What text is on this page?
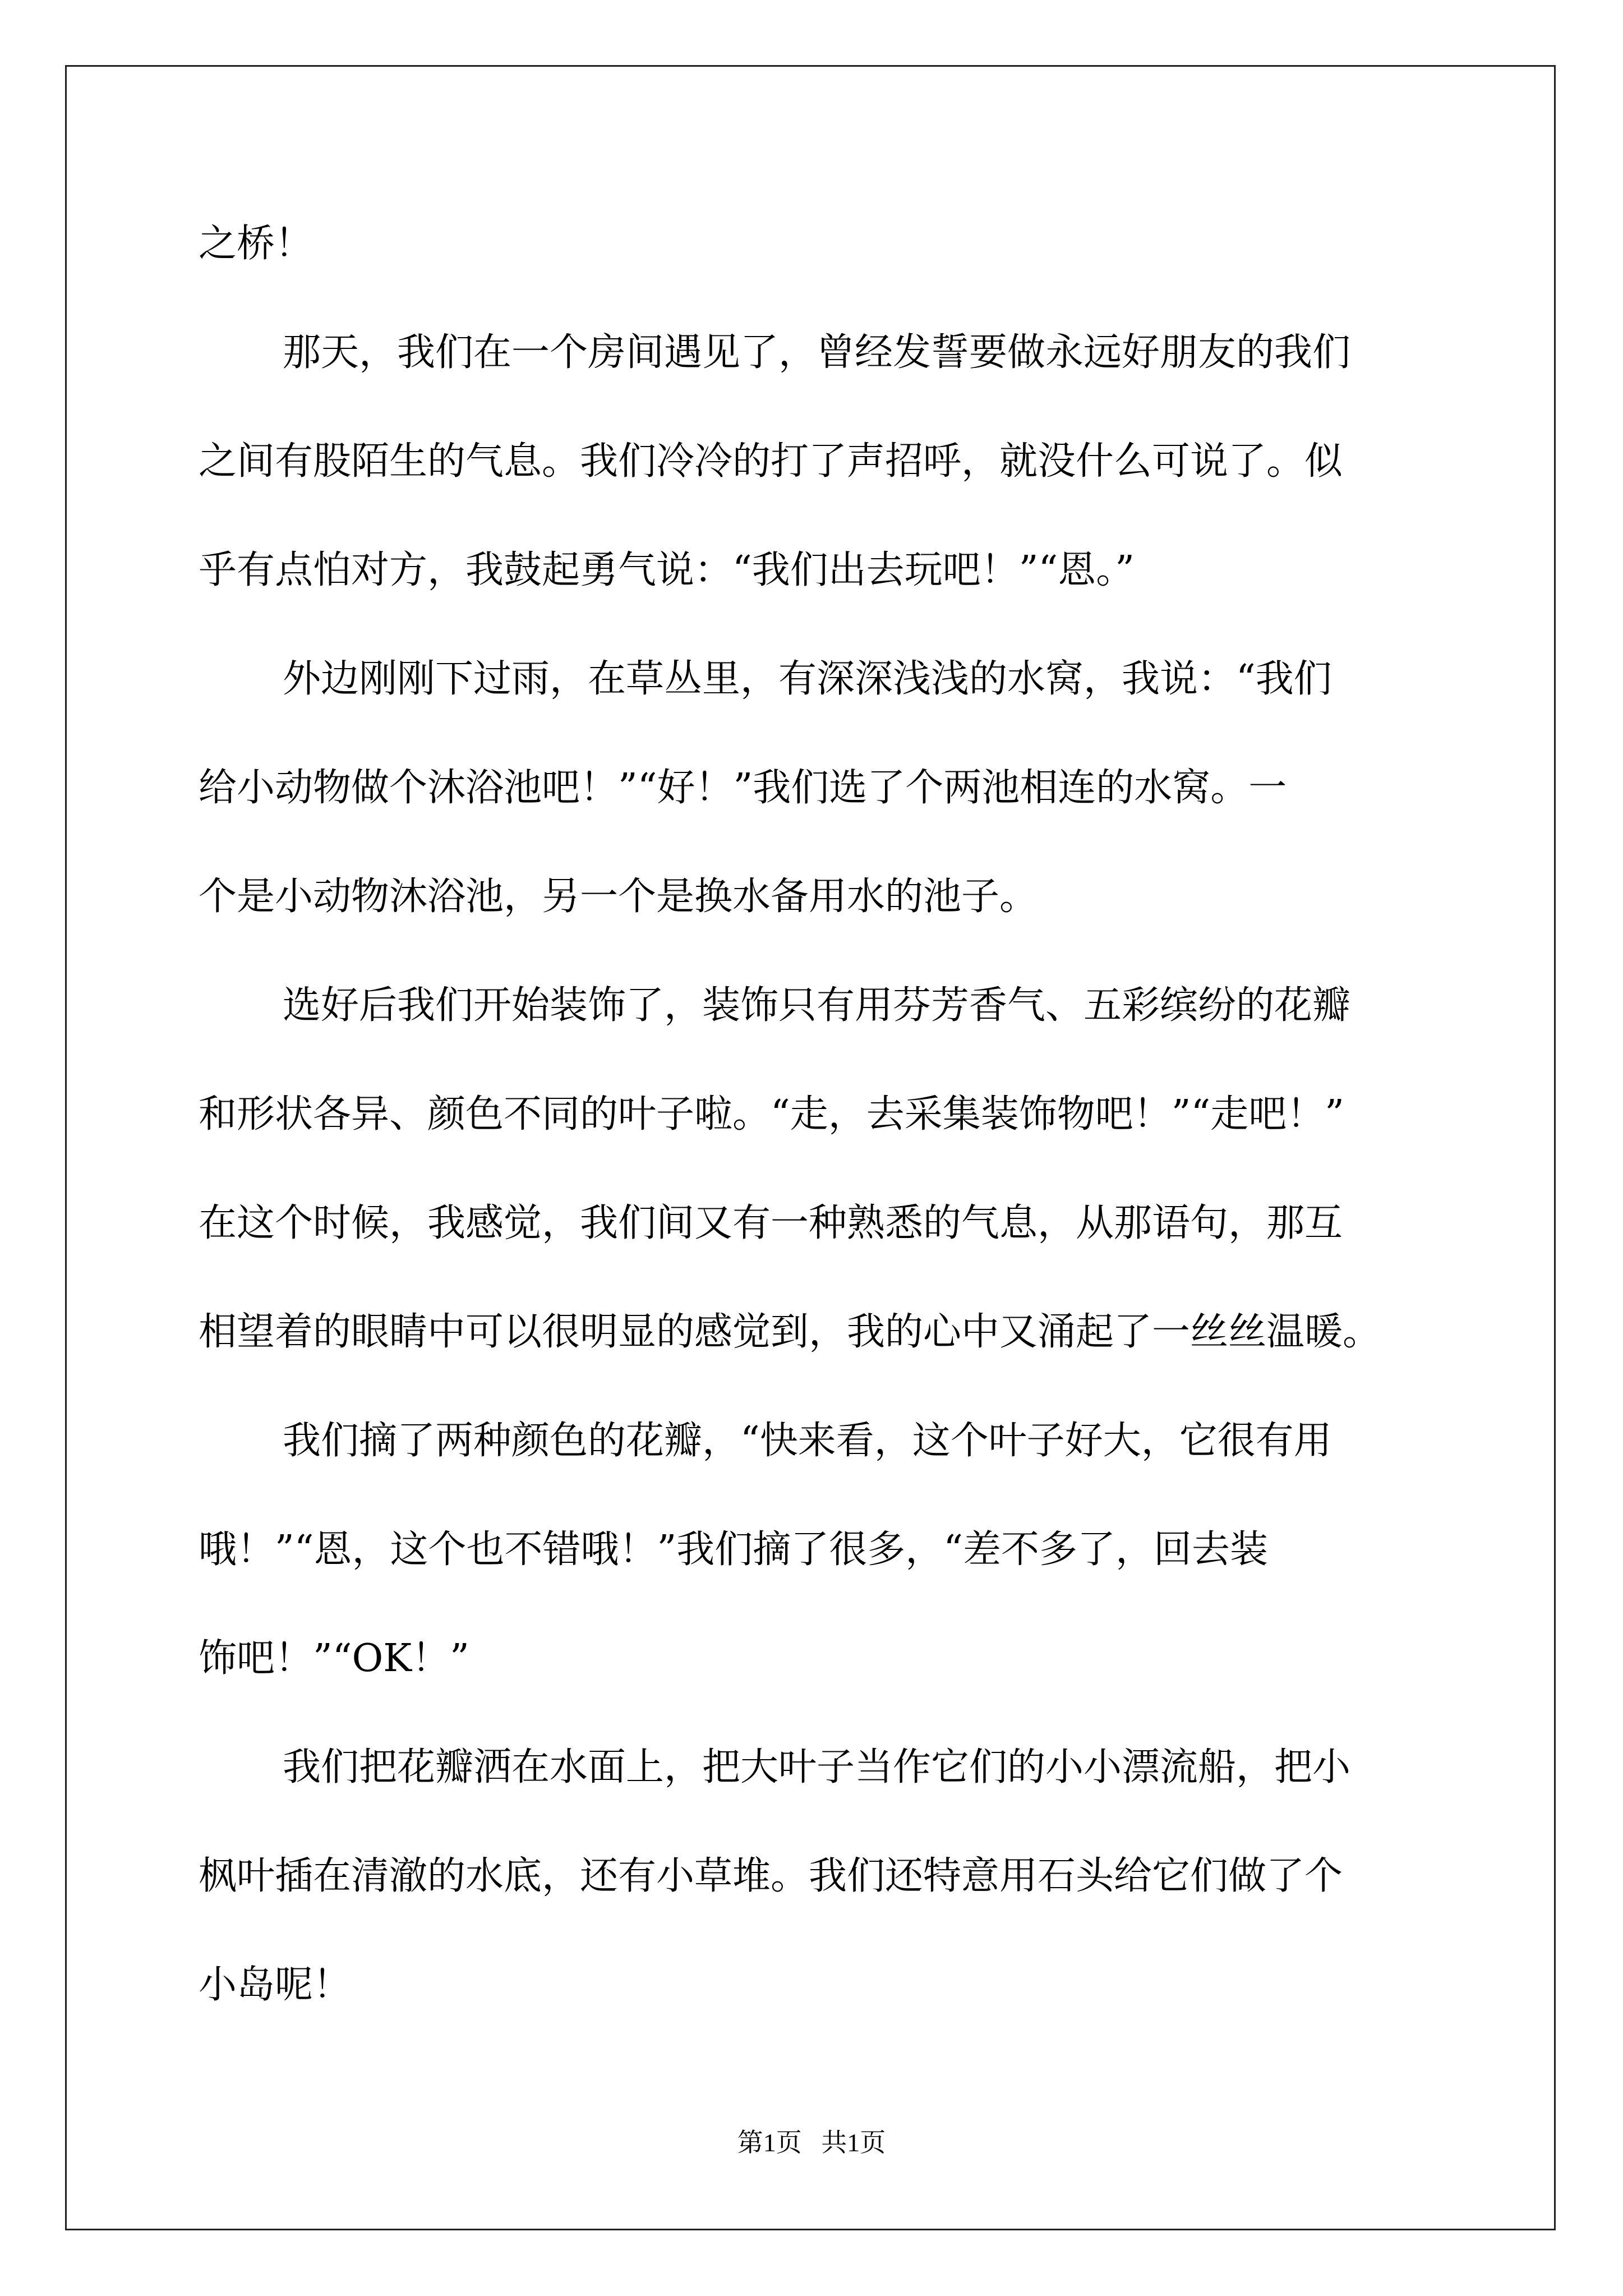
之桥！
那天，我们在一个房间遇见了，曾经发誓要做永远好朋友的我们
之间有股陌生的气息。我们冷冷的打了声招呼，就没什么可说了。似
乎有点怕对方，我鼓起勇气说：“我们出去玩吧！”“恩。”
外边刚刚下过雨，在草丛里，有深深浅浅的水窝，我说：“我们
给小动物做个沐浴池吧！”“好！”我们选了个两池相连的水窝。一
个是小动物沐浴池，另一个是换水备用水的池子。
选好后我们开始装饰了，装饰只有用芬芳香气、五彩缤纷的花瓣
和形状各异、颜色不同的叶子啦。“走，去采集装饰物吧！”“走吧！”
在这个时候，我感觉，我们间又有一种熟悉的气息，从那语句，那互
相望着的眼睛中可以很明显的感觉到，我的心中又涌起了一丝丝温暖。
我们摘了两种颜色的花瓣，“快来看，这个叶子好大，它很有用
哦！”“恩，这个也不错哦！”我们摘了很多，“差不多了，回去装
饰吧！”“OK！”
我们把花瓣洒在水面上，把大叶子当作它们的小小漂流船，把小
枫叶插在清澈的水底，还有小草堆。我们还特意用石头给它们做了个
小岛呢！
第1页   共1页
